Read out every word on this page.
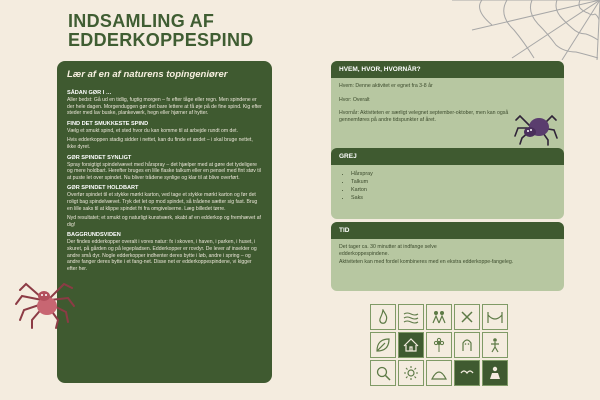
INDSAMLING AF
EDDERKOPPESPIND
Lær af en af naturens topingeniører
SÅDAN GØR I …

Aller bedst: Gå ud en tidlig, fugtig morgen – fx efter tåge eller regn. Men spindene er der hele dagen. Morgenduggen gør det bare lettere at få øje på de fine spind. Kig efter steder med lav buske, plankeværk, hegn eller hjørner af hytter.

FIND DET SMUKKESTE SPIND

Vælg et smukt spind, et sted hvor du kan komme til at arbejde rundt om det.

Hvis edderkoppen stadig sidder i nettet, kan du finde et andet – i skal bruge nettet, ikke dyret.

GØR SPINDET SYNLIGT

Spray forsigtigt spindelvævet med hårspray – det hjælper med at gøre det tydeligere og mere holdbart. Herefter bruges en lille flaske talkum eller en pensel med fint støv til at puste let over spindet. Nu bliver trådene synlige og klar til at blive overført.

GØR SPINDET HOLDBART

Overfør spindet til et stykke mørkt karton, ved tage et stykke mørkt karton og før det roligt bag spindelvævet. Tryk det let op mod spindet, så trådene sætter sig fast. Brug en lille saks til at klippe spindet fri fra omgivelserne. Læg billedet tørre.

Nyd resultatet; et smukt og naturligt kunstværk, skabt af en edderkop og fremhævet af dig!

BAGGRUNDSVIDEN

Der findes edderkopper overalt i vores natur: fx i skoven, i haven, i parken, i huset, i skuret, på gården og på legepladsen. Edderkopper er rovdyr. De lever af insekter og andre små dyr. Nogle edderkopper indhenter deres bytte i løb, andre i spring – og andre fanger deres bytte i et fang-net. Disse net er edderkoppespindene, vi kigger efter her.

HVEM, HVOR, HVORNÅR?
Hvem: Denne aktivitet er egnet fra 3-8 år
Hvor: Overalt
Hvornår: Aktiviteten er særligt velegnet september-oktober, men kan også gennemføres på andre tidspunkter af året.
GREJ
• Hårspray
• Talkum
• Karton
• Saks
TID
Det tager ca. 30 minutter at indfange selve edderkoppespindene.
Aktiviteten kan med fordel kombineres med en ekstra edderkoppe-fangeleg.
